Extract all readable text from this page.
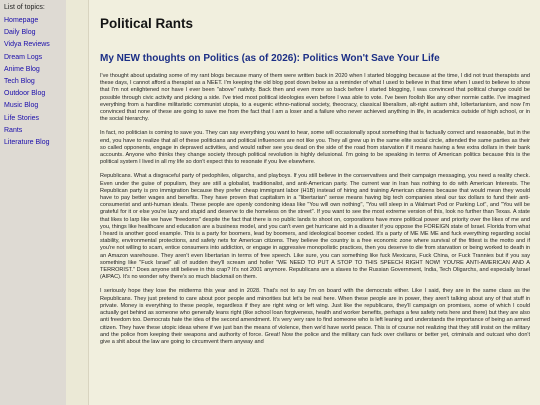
List of topics:

Homepage
Daily Blog
Vidya Reviews
Dream Logs
Anime Blog
Tech Blog
Outdoor Blog
Music Blog
Life Stories
Rants
Literature Blog
Political Rants
My NEW thoughts on Politics (as of 2026): Politics Won't Save Your Life

I've thought about updating some of my rant blogs because many of them were written back in 2020 when I started blogging because at the time, I did not trust therapists and these days, I cannot afford a therapist as a NEET. I'm keeping the old blog post down below as a reminder of what I used to believe in that time when I used to believe to show that I'm not enlightened nor have I ever been "above" nativity. Back then and even more so back before I started blogging, I was convinced that political change could be possible through civic activity and picking a side. I've tried most political ideologies even before I was able to vote. I've been foolish like any other normie cattle. I've imagined everything from a hardline militaristic communist utopia, to a eugenic ethno-national society, theocracy, classical liberalism, alt-right autism shit, loltertarianism, and now I'm convinced that none of these are going to save me from the fact that I am a loser and a failure who never achieved anything in life, in academics outside of high school, or in the social hierarchy.

In fact, no politician is coming to save you. They can say everything you want to hear, some will occasionally spout something that is factually correct and reasonable, but in the end, you have to realize that all of these politicians and political influencers are not like you. They all grew up in the same elite social circle, attended the same parties as their so called opponents, engage in depraved activities, and would rather see you dead on the side of the road from starvation if it means having a few extra dollars in their bank accounts. Anyone who thinks they change society through political revolution is highly delusional. I'm going to be speaking in terms of American politics because this is the political system I lived in all my life so don't expect this to resonate if you live elsewhere.

Republicans. What a disgraceful party of pedophiles, oligarchs, and playboys. If you still believe in the conservatives and their campaign messaging, you need a reality check. Even under the guise of populism, they are still a globalist, traditionalist, and anti-American party. The current war in Iran has nothing to do with American Interests. The Republican party is pro immigration because they prefer cheap immigrant labor (H1B) instead of hiring and training American citizens because that would mean they would have to pay better wages and benefits. They have proven that capitalism in a "libertarian" sense means having big tech companies steal our tax dollars to fund their anti-consumerist and anti-human ideals. These people are openly condoning ideas like "You will own nothing", "You will sleep in a Walmart Pod or Parking Lot", and "You will be grateful for it or else you're lazy and stupid and deserve to die homeless on the street". If you want to see the most extreme version of this, look no further than Texas. A state that likes to larp like we have "freedoms" despite the fact that there is no public lands to shoot on, corporations have more political power and priority over the likes of me and you, things like healthcare and education are a business model, and you can't even get hurricane aid in a disaster if you oppose the FOREIGN state of Israel. Florida from what I heard is another good example. This is a party for boomers, lead by boomers, and ideological boomer coded. It's a party of ME ME ME and fuck everything regarding social stability, environmental protections, and safety nets for American citizens. They believe the country is a free economic zone where survival of the fittest is the motto and if you're not willing to scam, entice consumers into addiction, or engage in aggressive monopolistic practices, then you deserve to die from starvation or being worked to death in an Amazon warehouse. They aren't even libertarian in terms of free speech. Like sure, you can something like fuck Mexicans, Fuck China, or Fuck Trannies but if you say something like "Fuck Israel" all of sudden they'll scream and holler "WE NEED TO PUT A STOP TO THIS SPEECH RIGHT NOW! YOU'RE ANTI-AMERICAN AND A TERRORIST." Does anyone still believe in this crap? It's not 2001 anymore. Republicans are a slaves to the Russian Government, India, Tech Oligarchs, and especially Israel (AIPAC). It's no wonder why there's so much blackmail on them.

I seriously hope they lose the midterms this year and in 2028. That's not to say I'm on board with the democrats either. Like I said, they are in the same class as the Republicans. They just pretend to care about poor people and minorities but let's be real here. When these people are in power, they aren't talking about any of that stuff in private. Money is everything to these people, regardless if they are right wing or left wing. Just like the republicans, they'll campaign on promises, some of which I could actually get behind as someone who generally leans right (like school loan forgiveness, health and worker benefits, perhaps a few safety nets here and there) but they are also anti freedom too. Democrats hate the idea of the second amendment. It's very very rare to find someone who is left leaning and understands the importance of being an armed citizen. They have these utopic ideas where if we just ban the means of violence, then we'd have world peace. This is of course not realizing that they still insist on the military and the police from keeping their weapons and authority of force. Great! Now the police and the military can fuck over civilians or better yet, criminals and outcast who don't give a shit about the law are going to circumvent them anyway and
